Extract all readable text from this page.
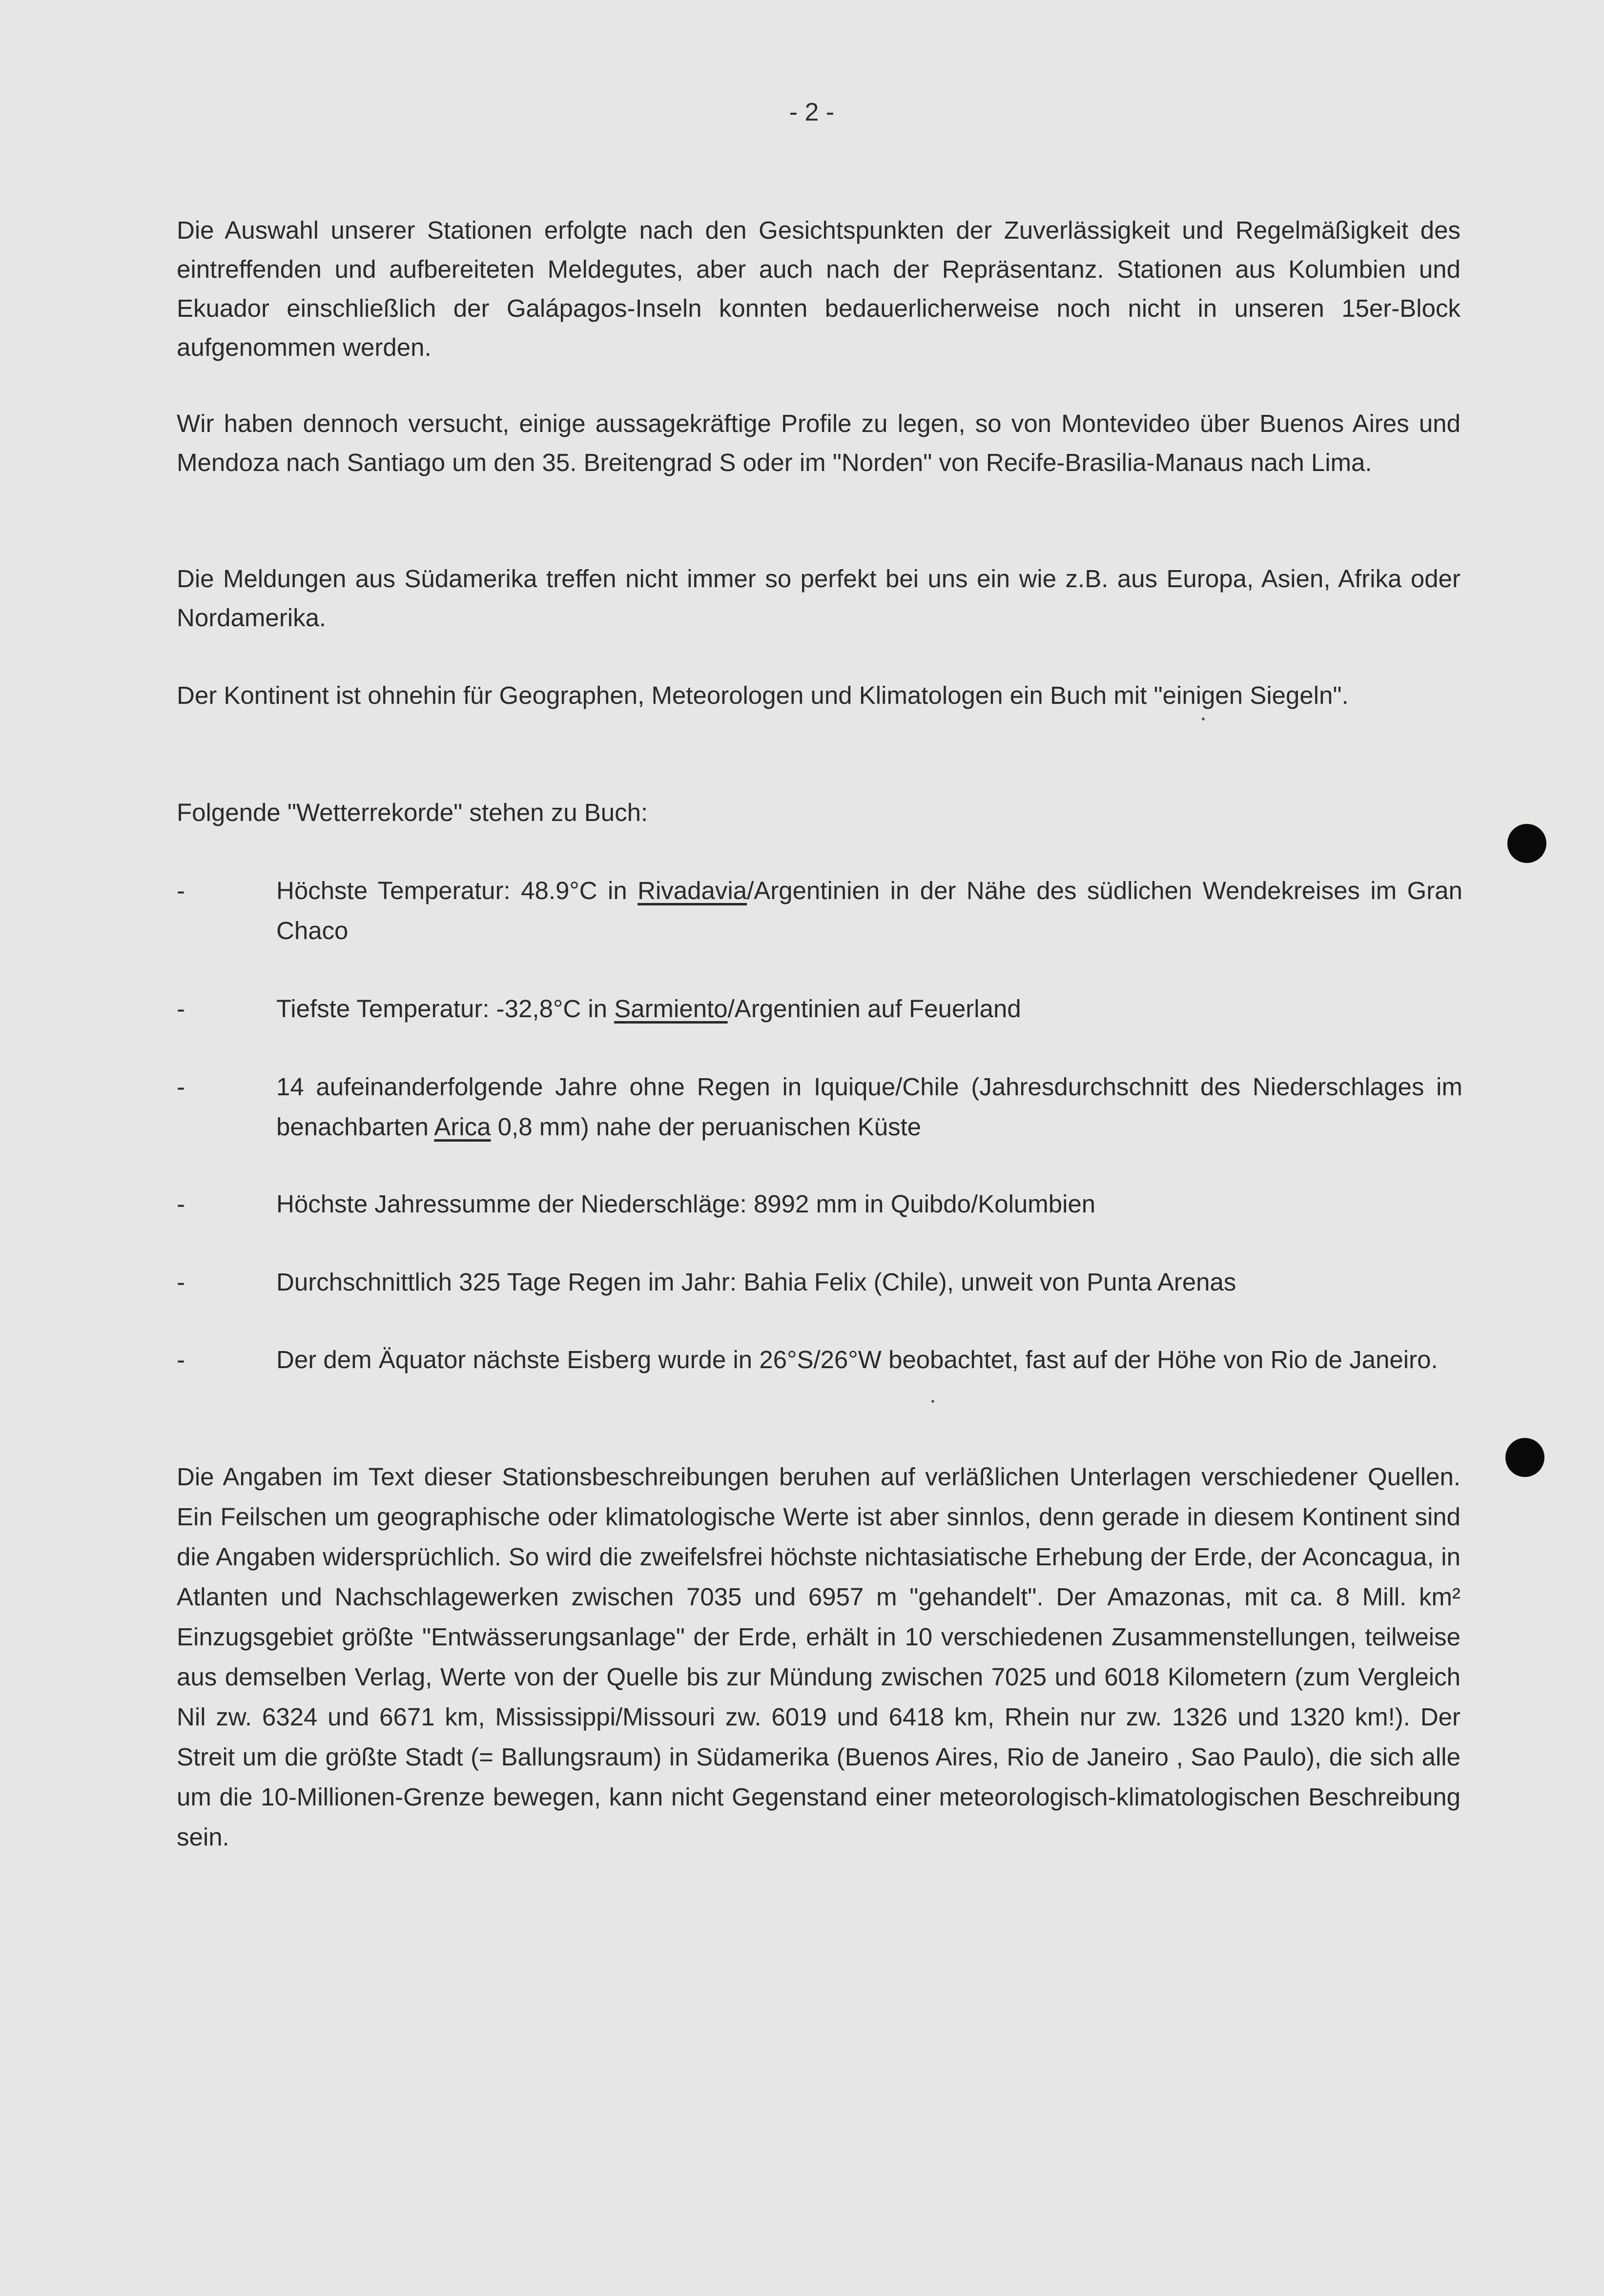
- 2 -

Die Auswahl unserer Stationen erfolgte nach den Gesichtspunkten der Zuverlässigkeit und Regelmäßigkeit des eintreffenden und aufbereiteten Meldegutes, aber auch nach der Repräsentanz. Stationen aus Kolumbien und Ekuador einschließlich der Galápagos-Inseln konnten bedauerlicherweise noch nicht in unseren 15er-Block aufgenommen werden.

Wir haben dennoch versucht, einige aussagekräftige Profile zu legen, so von Montevideo über Buenos Aires und Mendoza nach Santiago um den 35. Breitengrad S oder im "Norden" von Recife-Brasilia-Manaus nach Lima.

Die Meldungen aus Südamerika treffen nicht immer so perfekt bei uns ein wie z.B. aus Europa, Asien, Afrika oder Nordamerika.

Der Kontinent ist ohnehin für Geographen, Meteorologen und Klimatologen ein Buch mit "einigen Siegeln".

Folgende "Wetterrekorde" stehen zu Buch:

-	Höchste Temperatur: 48.9°C in Rivadavia/Argentinien in der Nähe des südlichen Wendekreises im Gran Chaco
-	Tiefste Temperatur: -32,8°C in Sarmiento/Argentinien auf Feuerland
-	14 aufeinanderfolgende Jahre ohne Regen in Iquique/Chile (Jahresdurchschnitt des Niederschlages im benachbarten Arica 0,8 mm) nahe der peruanischen Küste
-	Höchste Jahressumme der Niederschläge: 8992 mm in Quibdo/Kolumbien
-	Durchschnittlich 325 Tage Regen im Jahr: Bahia Felix (Chile), unweit von Punta Arenas
-	Der dem Äquator nächste Eisberg wurde in 26°S/26°W beobachtet, fast auf der Höhe von Rio de Janeiro.

Die Angaben im Text dieser Stationsbeschreibungen beruhen auf verläßlichen Unterlagen verschiedener Quellen. Ein Feilschen um geographische oder klimatologische Werte ist aber sinnlos, denn gerade in diesem Kontinent sind die Angaben widersprüchlich. So wird die zweifelsfrei höchste nichtasiatische Erhebung der Erde, der Aconcagua, in Atlanten und Nachschlagewerken zwischen 7035 und 6957 m "gehandelt". Der Amazonas, mit ca. 8 Mill. km² Einzugsgebiet größte "Entwässerungsanlage" der Erde, erhält in 10 verschiedenen Zusammenstellungen, teilweise aus demselben Verlag, Werte von der Quelle bis zur Mündung zwischen 7025 und 6018 Kilometern (zum Vergleich Nil zw. 6324 und 6671 km, Mississippi/Missouri zw. 6019 und 6418 km, Rhein nur zw. 1326 und 1320 km!). Der Streit um die größte Stadt (= Ballungsraum) in Südamerika (Buenos Aires, Rio de Janeiro , Sao Paulo), die sich alle um die 10-Millionen-Grenze bewegen, kann nicht Gegenstand einer meteorologisch-klimatologischen Beschreibung sein.
